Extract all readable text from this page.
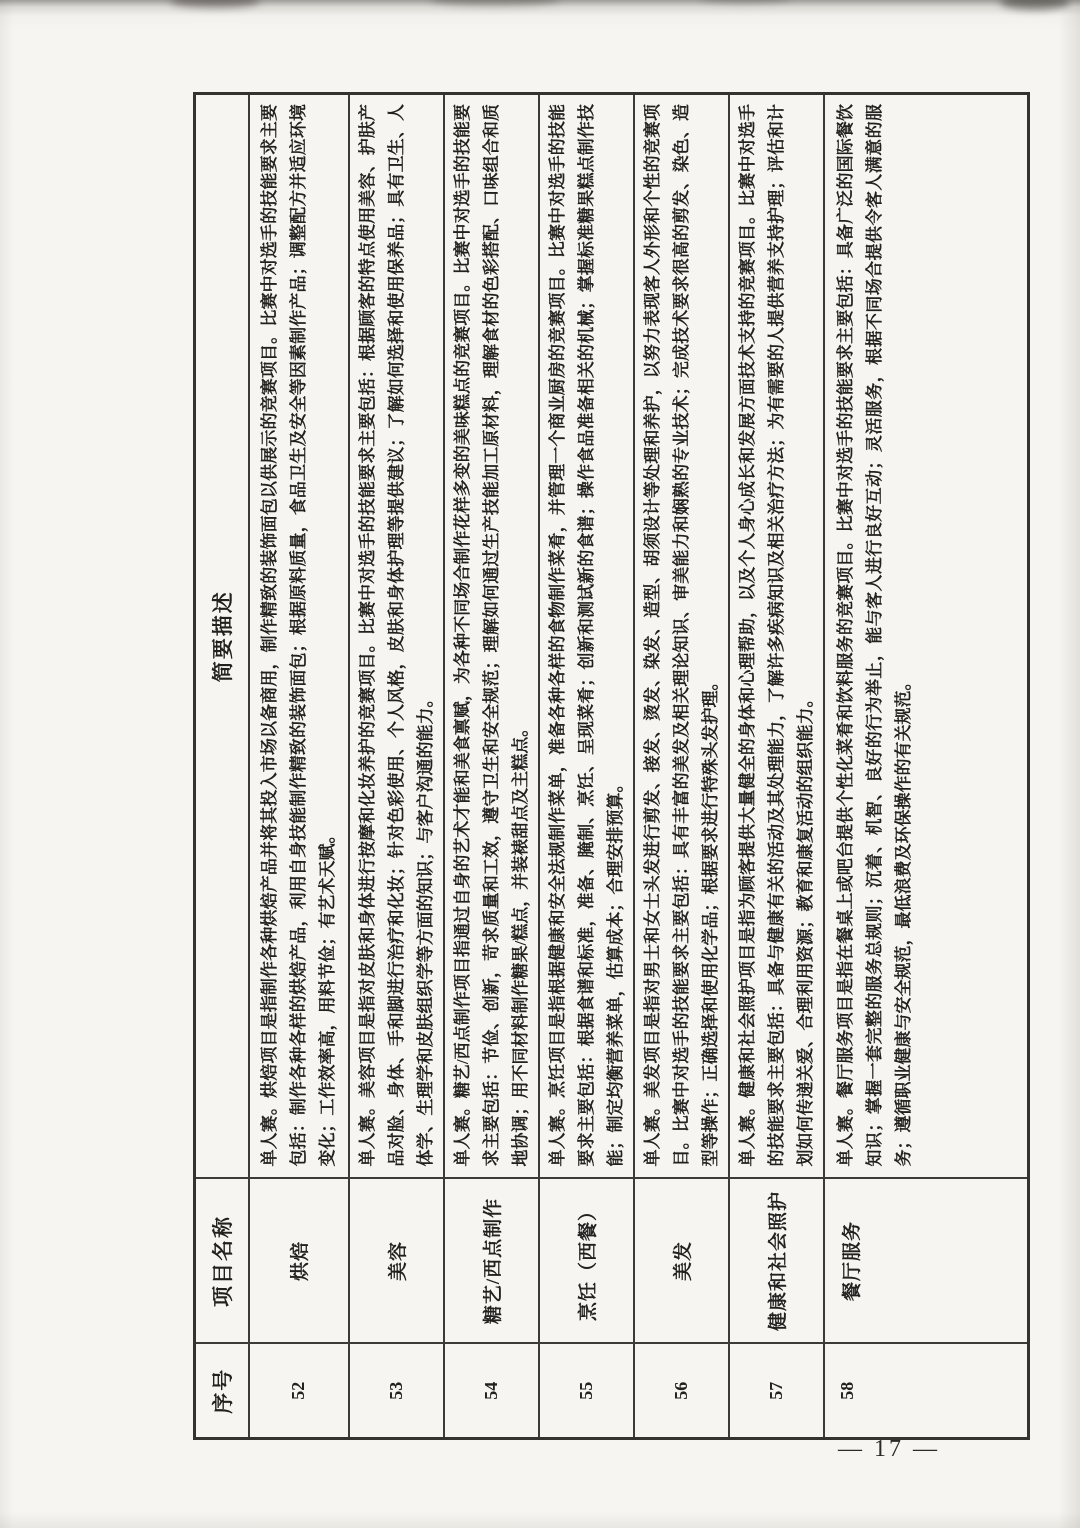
序号	项目名称	简要描述
52	烘焙	单人赛。烘焙项目是指制作各种烘焙产品并将其投入市场以备商用，制作精致的装饰面包以供展示的竞赛项目。比赛中对选手的技能要求主要包括：制作各种各样的烘焙产品，利用自身技能制作精致的装饰面包；根据原料质量，食品卫生及安全等因素制作产品；调整配方并适应环境变化；工作效率高，用料节俭；有艺术天赋。
53	美容	单人赛。美容项目是指对皮肤和身体进行按摩和化妆养护的竞赛项目。比赛中对选手的技能要求主要包括：根据顾客的特点使用美容、护肤产品对脸、身体、手和脚进行治疗和化妆；针对色彩使用、个人风格，皮肤和身体护理等提供建议；了解如何选择和使用保养品；具有卫生、人体学、生理学和皮肤组织学等方面的知识；与客户沟通的能力。
54	糖艺/西点制作	单人赛。糖艺/西点制作项目指通过自身的艺术才能和美食禀赋，为各种不同场合制作花样多变的美味糕点的竞赛项目。比赛中对选手的技能要求主要包括：节俭、创新，苛求质量和工效，遵守卫生和安全规范；理解如何通过生产技能加工原材料，理解食材的色彩搭配、口味组合和质地协调；用不同材料制作糖果/糕点，并装裱甜点及主糕点。
55	烹饪（西餐）	单人赛。烹饪项目是指根据健康和安全法规制作菜单，准备各种各样的食物制作菜肴，并管理一个商业厨房的竞赛项目。比赛中对选手的技能要求主要包括：根据食谱和标准，准备、腌制、烹饪、呈现菜肴；创新和测试新的食谱；操作食品准备相关的机械；掌握标准糖果糕点制作技能；制定均衡营养菜单，估算成本；合理安排预算。
56	美发	单人赛。美发项目是指对男士和女士头发进行剪发、接发、烫发、染发、造型、胡须设计等处理和养护，以努力表现客人外形和个性的竞赛项目。比赛中对选手的技能要求主要包括：具有丰富的美发及相关理论知识、审美能力和娴熟的专业技术；完成技术要求很高的剪发、染色、造型等操作；正确选择和使用化学品；根据要求进行特殊头发护理。
57	健康和社会照护	单人赛。健康和社会照护项目是指为顾客提供大量健全的身体和心理帮助，以及个人身心成长和发展方面技术支持的竞赛项目。比赛中对选手的技能要求主要包括：具备与健康有关的活动及其处理能力，了解许多疾病知识及相关治疗方法；为有需要的人提供营养支持护理；评估和计划如何传递关爱、合理利用资源；教育和康复活动的组织能力。
58	餐厅服务	单人赛。餐厅服务项目是指在餐桌上或吧台提供个性化菜肴和饮料服务的竞赛项目。比赛中对选手的技能要求主要包括：具备广泛的国际餐饮知识；掌握一套完整的服务总规则；沉着、机智、良好的行为举止，能与客人进行良好互动；灵活服务，根据不同场合提供令客人满意的服务；遵循职业健康与安全规范，最低浪费及环保操作的有关规范。
— 17 —
